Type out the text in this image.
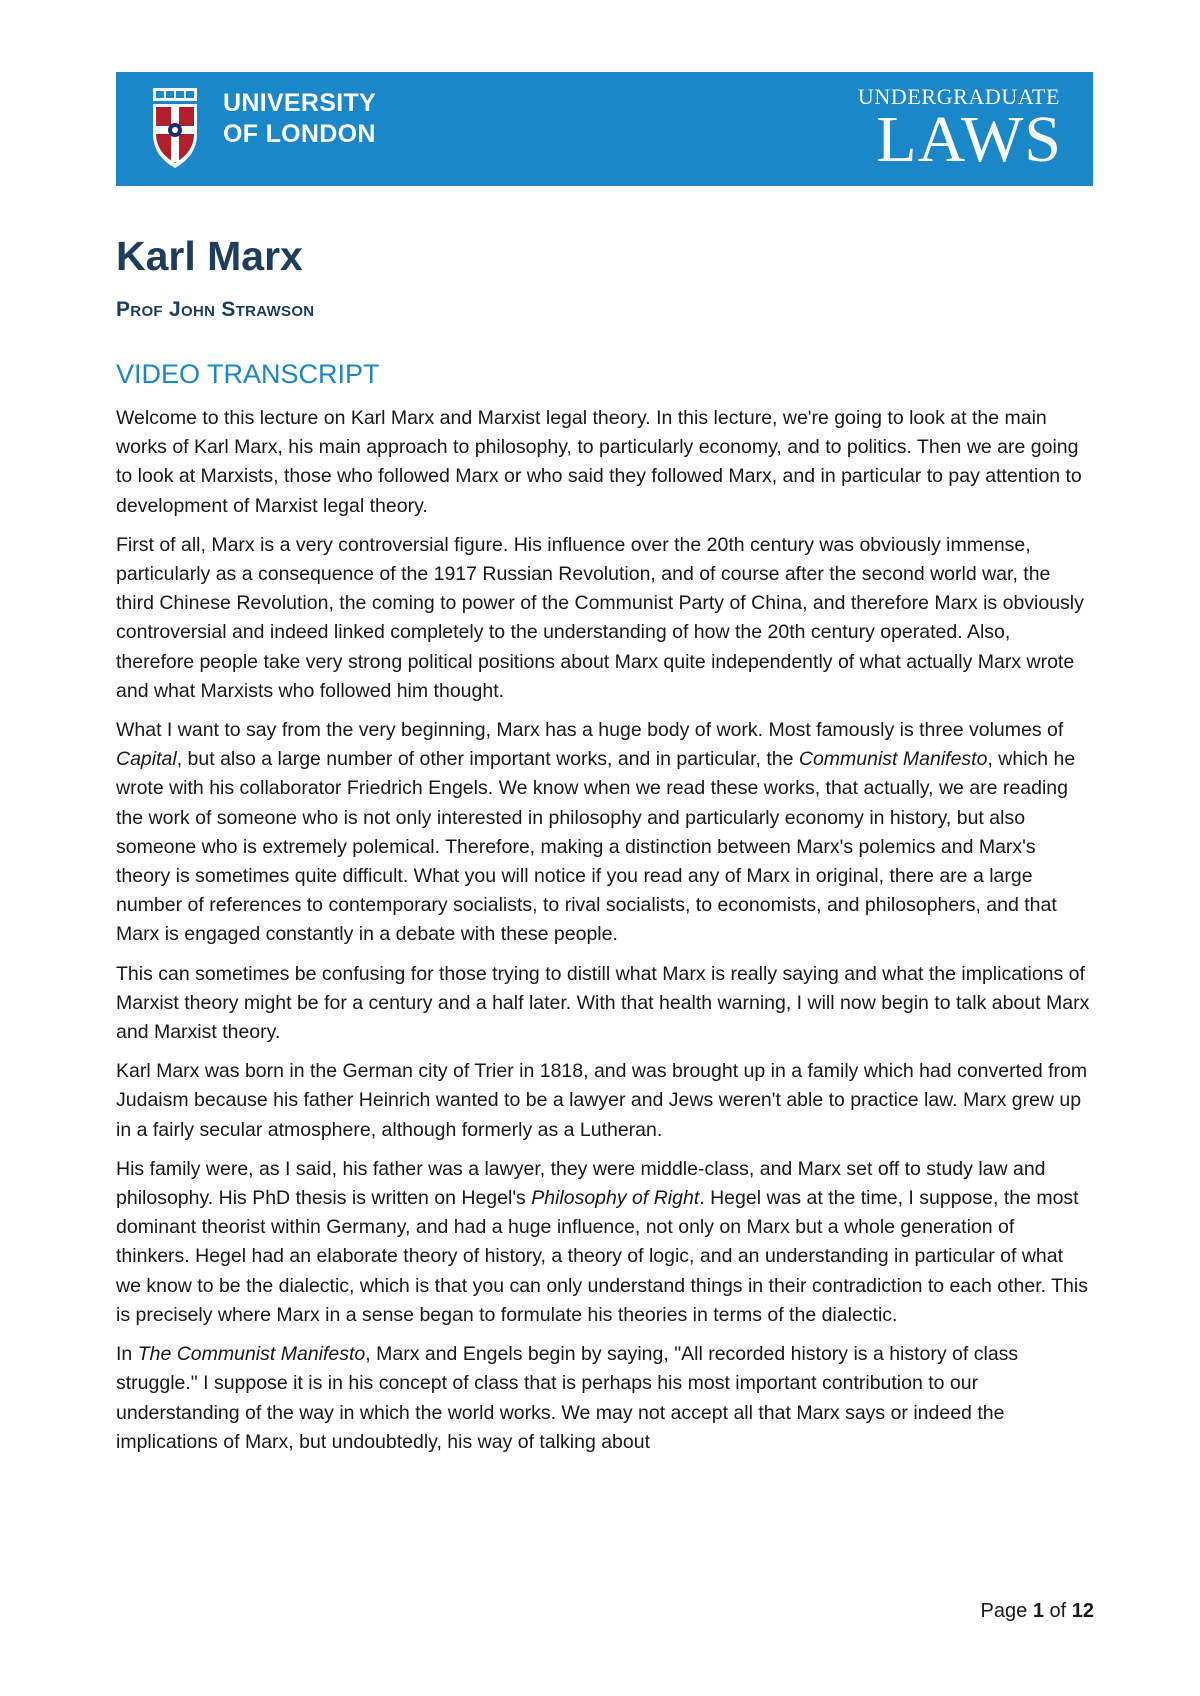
UNIVERSITY
OF LONDON
UNDERGRADUATE
LAWS
Karl Marx
Prof John Strawson
VIDEO TRANSCRIPT

Welcome to this lecture on Karl Marx and Marxist legal theory. In this lecture, we're going to look at the main works of Karl Marx, his main approach to philosophy, to particularly economy, and to politics. Then we are going to look at Marxists, those who followed Marx or who said they followed Marx, and in particular to pay attention to development of Marxist legal theory.

First of all, Marx is a very controversial figure. His influence over the 20th century was obviously immense, particularly as a consequence of the 1917 Russian Revolution, and of course after the second world war, the third Chinese Revolution, the coming to power of the Communist Party of China, and therefore Marx is obviously controversial and indeed linked completely to the understanding of how the 20th century operated. Also, therefore people take very strong political positions about Marx quite independently of what actually Marx wrote and what Marxists who followed him thought.

What I want to say from the very beginning, Marx has a huge body of work. Most famously is three volumes of Capital, but also a large number of other important works, and in particular, the Communist Manifesto, which he wrote with his collaborator Friedrich Engels. We know when we read these works, that actually, we are reading the work of someone who is not only interested in philosophy and particularly economy in history, but also someone who is extremely polemical. Therefore, making a distinction between Marx's polemics and Marx's theory is sometimes quite difficult. What you will notice if you read any of Marx in original, there are a large number of references to contemporary socialists, to rival socialists, to economists, and philosophers, and that Marx is engaged constantly in a debate with these people.

This can sometimes be confusing for those trying to distill what Marx is really saying and what the implications of Marxist theory might be for a century and a half later. With that health warning, I will now begin to talk about Marx and Marxist theory.

Karl Marx was born in the German city of Trier in 1818, and was brought up in a family which had converted from Judaism because his father Heinrich wanted to be a lawyer and Jews weren't able to practice law. Marx grew up in a fairly secular atmosphere, although formerly as a Lutheran.

His family were, as I said, his father was a lawyer, they were middle-class, and Marx set off to study law and philosophy. His PhD thesis is written on Hegel's Philosophy of Right. Hegel was at the time, I suppose, the most dominant theorist within Germany, and had a huge influence, not only on Marx but a whole generation of thinkers. Hegel had an elaborate theory of history, a theory of logic, and an understanding in particular of what we know to be the dialectic, which is that you can only understand things in their contradiction to each other. This is precisely where Marx in a sense began to formulate his theories in terms of the dialectic.

In The Communist Manifesto, Marx and Engels begin by saying, "All recorded history is a history of class struggle." I suppose it is in his concept of class that is perhaps his most important contribution to our understanding of the way in which the world works. We may not accept all that Marx says or indeed the implications of Marx, but undoubtedly, his way of talking about

Page 1 of 12
